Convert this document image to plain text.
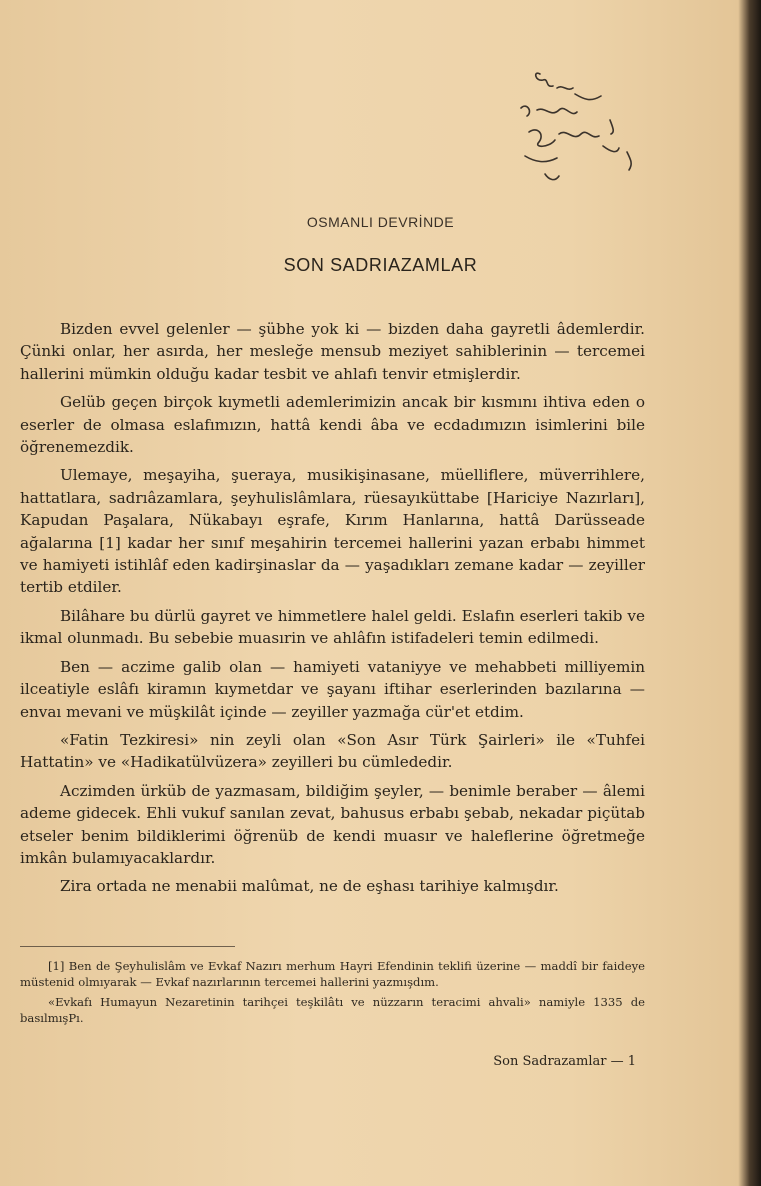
OSMANLI DEVRİNDE
SON SADRIAZAMLAR

Bizden evvel gelenler — şübhe yok ki — bizden daha gayretli âdemlerdir. Çünki onlar, her asırda, her mesleğe mensub meziyet sahiblerinin — tercemei hallerini mümkin olduğu kadar tesbit ve ahlafı tenvir etmişlerdir.

Gelüb geçen birçok kıymetli ademlerimizin ancak bir kısmını ihtiva eden o eserler de olmasa eslafımızın, hattâ kendi âba ve ecdadımızın isimlerini bile öğrenemezdik.

Ulemaye, meşayiha, şueraya, musikişinasane, müelliflere, müverrihlere, hattatlara, sadrıâzamlara, şeyhulislâmlara, rüesayıküttabe [Hariciye Nazırları], Kapudan Paşalara, Nükabayı eşrafe, Kırım Hanlarına, hattâ Darüsseade ağalarına [1] kadar her sınıf meşahirin tercemei hallerini yazan erbabı himmet ve hamiyeti istihlâf eden kadirşinaslar da — yaşadıkları zemane kadar — zeyiller tertib etdiler.

Bilâhare bu dürlü gayret ve himmetlere halel geldi. Eslafın eserleri takib ve ikmal olunmadı. Bu sebebie muasırin ve ahlâfın istifadeleri temin edilmedi.

Ben — aczime galib olan — hamiyeti vataniyye ve mehabbeti milliyemin ilceatiyle eslâfı kiramın kıymetdar ve şayanı iftihar eserlerinden bazılarına — envaı mevani ve müşkilât içinde — zeyiller yazmağa cür'et etdim.

«Fatin Tezkiresi» nin zeyli olan «Son Asır Türk Şairleri» ile «Tuhfei Hattatin» ve «Hadikatülvüzera» zeyilleri bu cümlededir.

Aczimden ürküb de yazmasam, bildiğim şeyler, — benimle beraber — âlemi ademe gidecek. Ehli vukuf sanılan zevat, bahusus erbabı şebab, nekadar piçütab etseler benim bildiklerimi öğrenüb de kendi muasır ve haleflerine öğretmeğe imkân bulamıyacaklardır.

Zira ortada ne menabii malûmat, ne de eşhası tarihiye kalmışdır.

[1] Ben de Şeyhulislâm ve Evkaf Nazırı merhum Hayri Efendinin teklifi üzerine — maddî bir faideye müstenid olmıyarak — Evkaf nazırlarının tercemei hallerini yazmışdım.

«Evkafı Humayun Nezaretinin tarihçei teşkilâtı ve nüzzarın teracimi ahvali» namiyle 1335 de basılmışPı.

Son Sadrazamlar — 1
